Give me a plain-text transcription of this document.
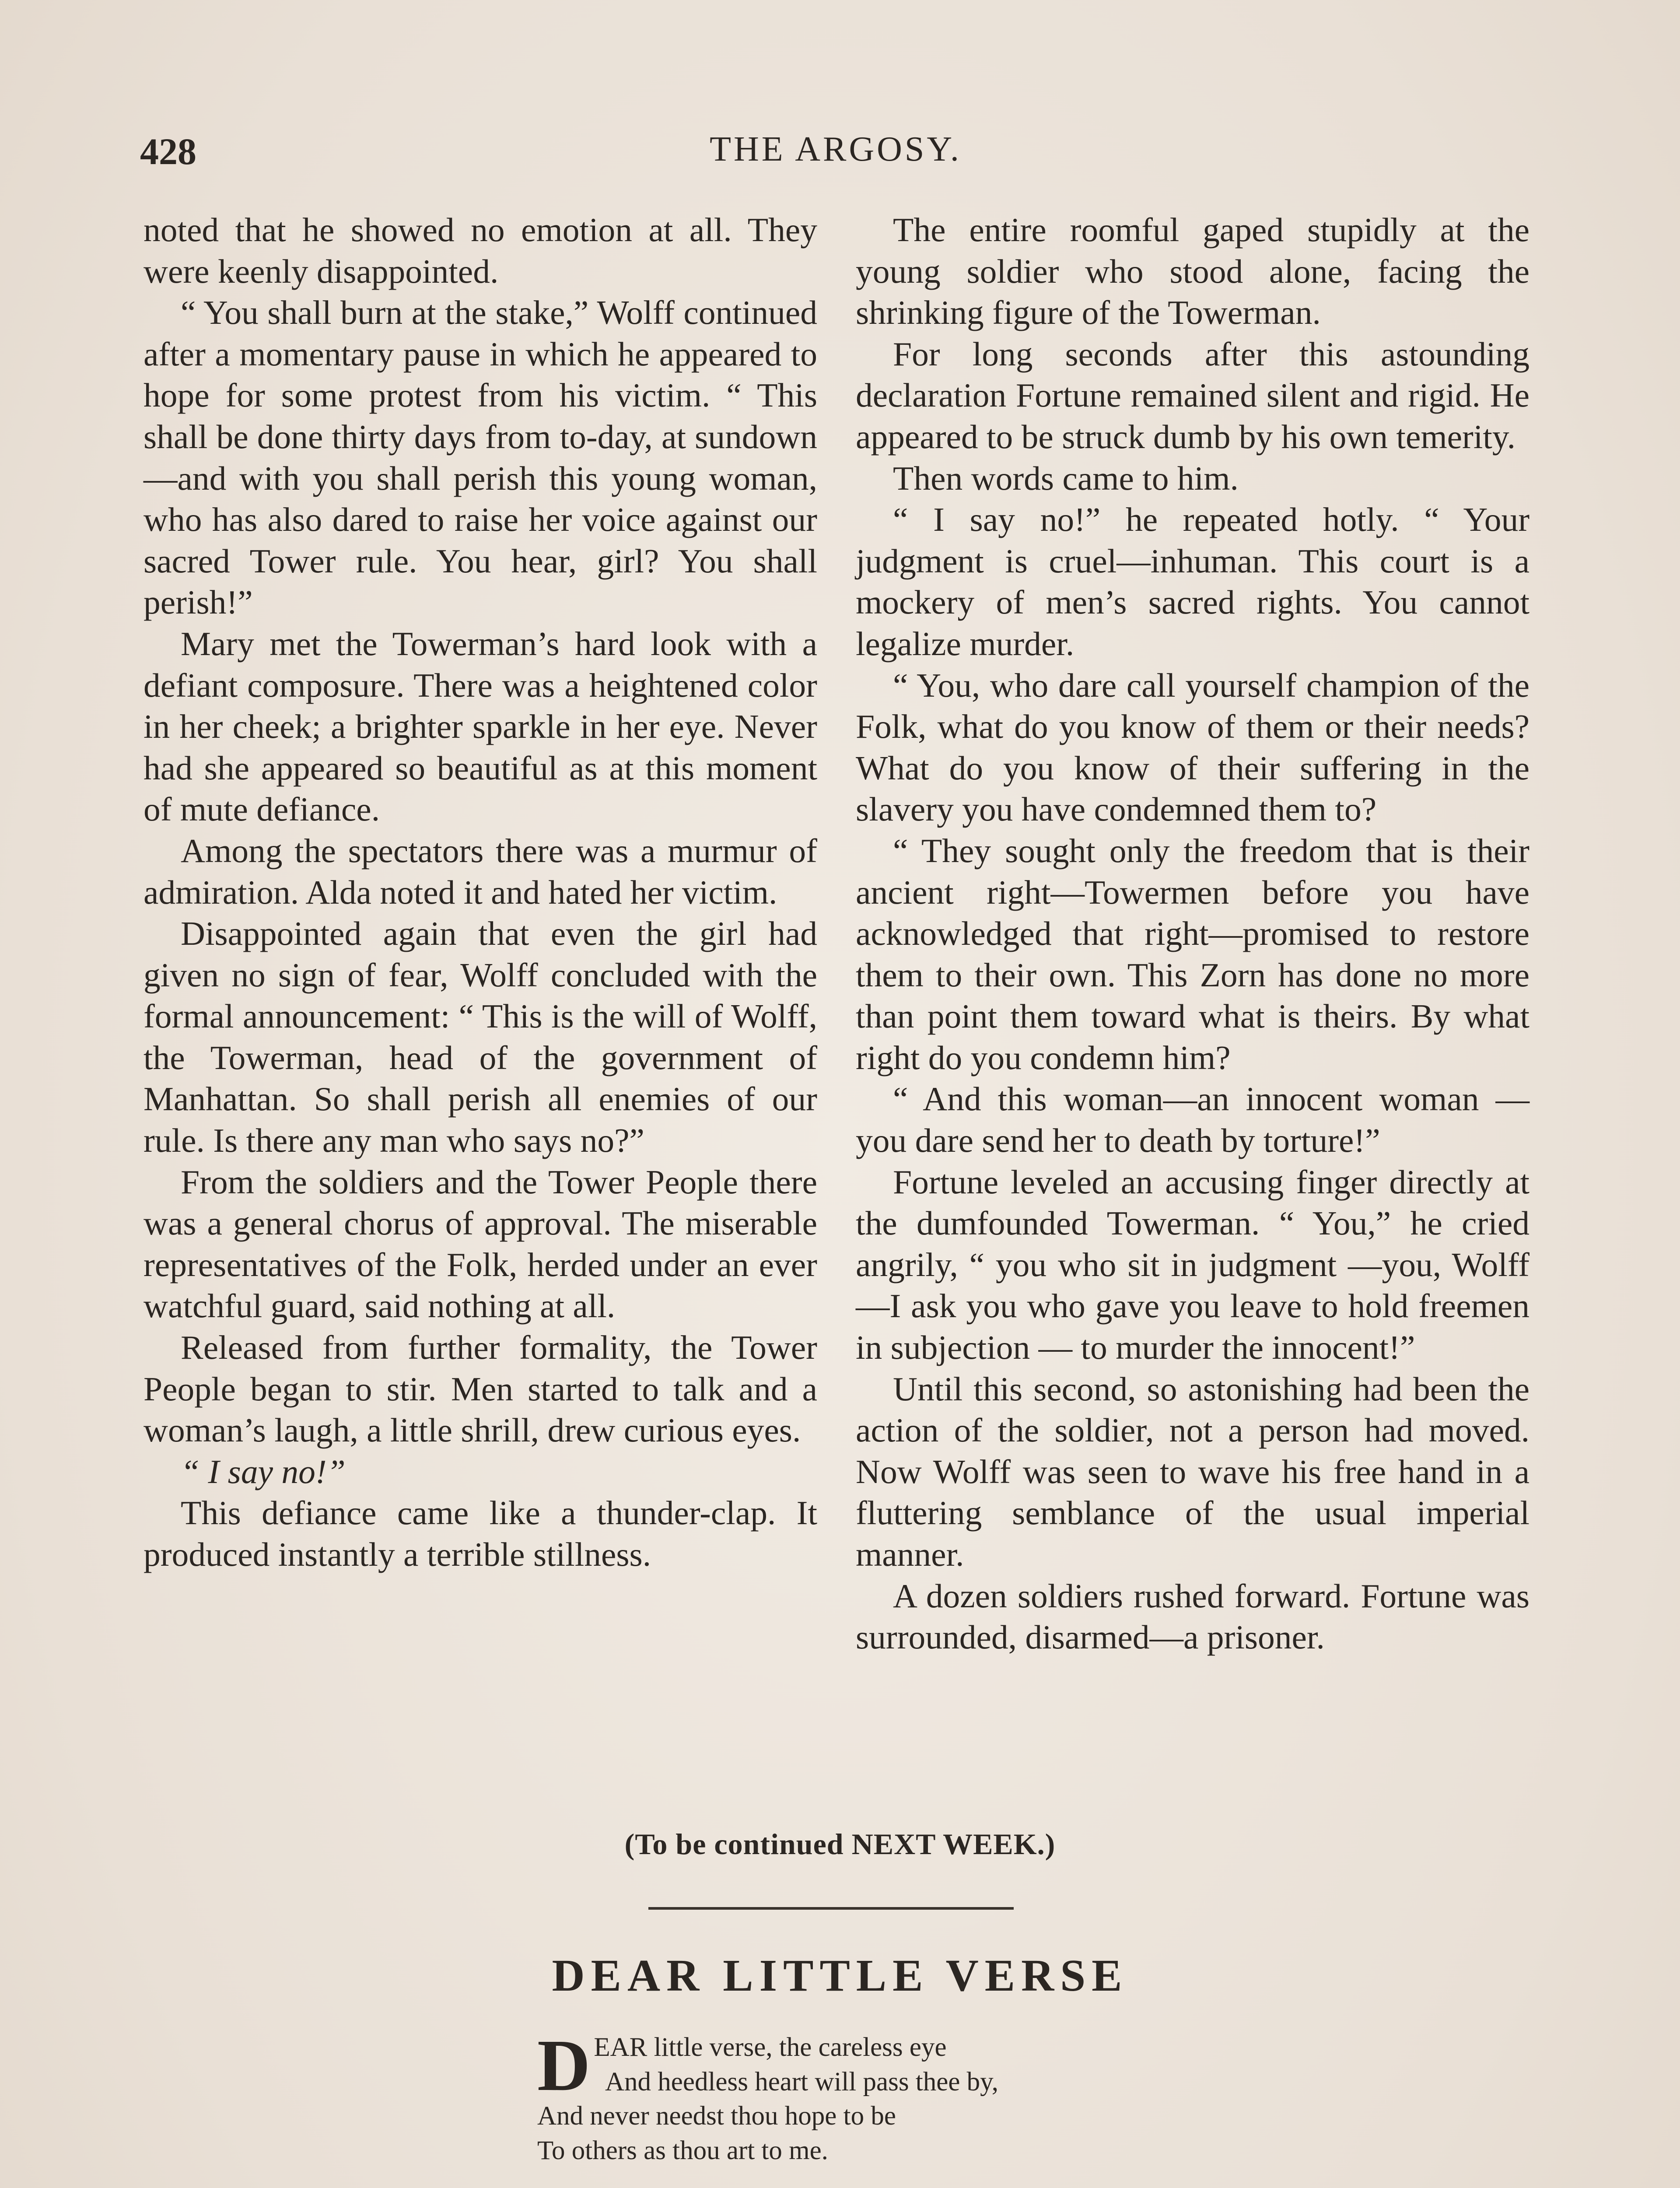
428	THE ARGOSY.

noted that he showed no emotion at all. They were keenly disappointed.

“ You shall burn at the stake,” Wolff continued after a momentary pause in which he appeared to hope for some protest from his victim. “ This shall be done thirty days from to-day, at sundown—and with you shall perish this young woman, who has also dared to raise her voice against our sacred Tower rule. You hear, girl? You shall perish!”

Mary met the Towerman’s hard look with a defiant composure. There was a heightened color in her cheek; a brighter sparkle in her eye. Never had she appeared so beautiful as at this moment of mute defiance.

Among the spectators there was a murmur of admiration. Alda noted it and hated her victim.

Disappointed again that even the girl had given no sign of fear, Wolff concluded with the formal announcement: “ This is the will of Wolff, the Towerman, head of the government of Manhattan. So shall perish all enemies of our rule. Is there any man who says no?”

From the soldiers and the Tower People there was a general chorus of approval. The miserable representatives of the Folk, herded under an ever watchful guard, said nothing at all.

Released from further formality, the Tower People began to stir. Men started to talk and a woman’s laugh, a little shrill, drew curious eyes.

“ I say no!”

This defiance came like a thunder-clap. It produced instantly a terrible stillness.

The entire roomful gaped stupidly at the young soldier who stood alone, facing the shrinking figure of the Towerman.

For long seconds after this astounding declaration Fortune remained silent and rigid. He appeared to be struck dumb by his own temerity.

Then words came to him.

“ I say no!” he repeated hotly. “ Your judgment is cruel—inhuman. This court is a mockery of men’s sacred rights. You cannot legalize murder.

“ You, who dare call yourself champion of the Folk, what do you know of them or their needs? What do you know of their suffering in the slavery you have condemned them to?

“ They sought only the freedom that is their ancient right—Towermen before you have acknowledged that right—promised to restore them to their own. This Zorn has done no more than point them toward what is theirs. By what right do you condemn him?

“ And this woman—an innocent woman —you dare send her to death by torture!”

Fortune leveled an accusing finger directly at the dumfounded Towerman. “ You,” he cried angrily, “ you who sit in judgment —you, Wolff—I ask you who gave you leave to hold freemen in subjection — to murder the innocent!”

Until this second, so astonishing had been the action of the soldier, not a person had moved. Now Wolff was seen to wave his free hand in a fluttering semblance of the usual imperial manner.

A dozen soldiers rushed forward. Fortune was surrounded, disarmed—a prisoner.

(To be continued NEXT WEEK.)
DEAR LITTLE VERSE
D EAR little verse, the careless eye
And heedless heart will pass thee by,
And never needst thou hope to be
To others as thou art to me.
